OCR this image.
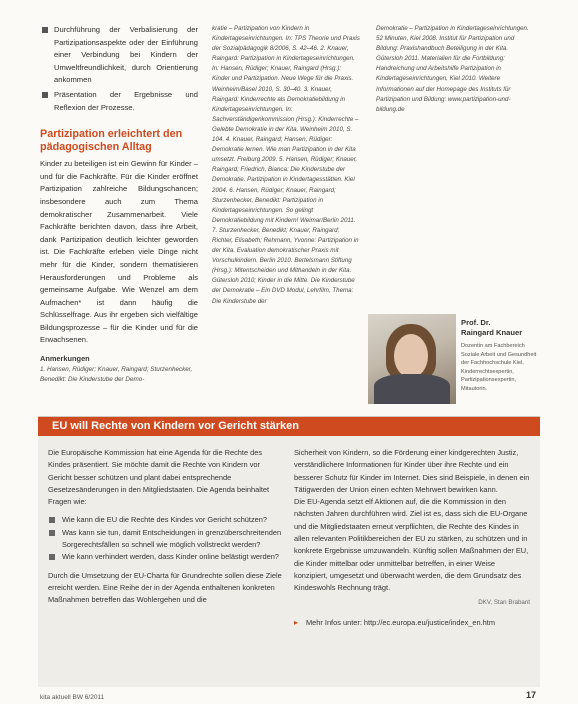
Durchführung der Verbalisierung der Partizipationsaspekte oder der Einführung einer Verbindung bei Kindern der Umweltfreundlichkeit, durch Orientierung ankommen
Präsentation der Ergebnisse und Reflexion der Prozesse.
Partizipation erleichtert den pädagogischen Alltag
Kinder zu beteiligen ist ein Gewinn für Kinder – und für die Fachkräfte. Für die Kinder eröffnet Partizipation zahlreiche Bildungschancen; insbesondere auch zum Thema demokratischer Zusammenarbeit. Viele Fachkräfte berichten davon, dass ihre Arbeit, dank Partizipation deutlich leichter geworden ist. Die Fachkräfte erleben viele Dinge nicht mehr für die Kinder, sondern thematisieren Herausforderungen und Probleme als gemeinsame Aufgabe. Wie Wenzel am dem Aufmachen* ist dann häufig die Schlüsselfrage. Aus ihr ergeben sich vielfältige Bildungsprozesse – für die Kinder und für die Erwachsenen.
Anmerkungen
1. Hansen, Rüdiger; Knauer, Raingard; Sturzenhecker, Benedikt: Die Kinderstube der Demo-
kratie – Partizipation von Kindern in Kindertageseinrichtungen. In: TPS Theorie und Praxis der Sozialpädagogik 8/2006, S. 42–46. 2. Knauer, Raingard: Partizipation in Kindertageseinrichtungen. In: Hansen, Rüdiger; Knauer, Raingard (Hrsg.): Kinder und Partizipation. Neue Wege für die Praxis. Weinheim/Basel 2010, S. 30–40. 3. Knauer, Raingard: Kinderrechte als Demokratiebildung in Kindertageseinrichtungen. In: Sachverständigenkommission (Hrsg.): Kinderrechte – Gelebte Demokratie in der Kita. Weinheim 2010, S. 104. 4. Knauer, Raingard; Hansen, Rüdiger: Demokratie lernen. Wie man Partizipation in der Kita umsetzt. Freiburg 2009. 5. Hansen, Rüdiger; Knauer, Raingard; Friedrich, Bianca: Die Kinderstube der Demokratie. Partizipation in Kindertagesstätten. Kiel 2004. 6. Hansen, Rüdiger; Knauer, Raingard; Sturzenhecker, Benedikt: Partizipation in Kindertageseinrichtungen. So gelingt Demokratiebildung mit Kindern! Weimar/Berlin 2011. 7. Sturzenhecker, Benedikt; Knauer, Raingard; Richter, Elisabeth; Rehmann, Yvonne: Partizipation in der Kita. Evaluation demokratischer Praxis mit Vorschulkindern. Berlin 2010. Bertelsmann Stiftung (Hrsg.): Mitentscheiden und Mithandeln in der Kita. Gütersloh 2010; Kinder in die Mitte. Die Kinderstube der Demokratie – Ein DVD Modul, Lehrfilm, Thema: Die Kinderstube der
Demokratie – Partizipation in Kindertageseinrichtungen. 52 Minuten, Kiel 2008. Institut für Partizipation und Bildung: Praxishandbuch Beteiligung in der Kita. Gütersloh 2011. Materialien für die Fortbildung: Handreichung und Arbeitshilfe Partizipation in Kindertageseinrichtungen, Kiel 2010. Weitere Informationen auf der Homepage des Instituts für Partizipation und Bildung: www.partizipation-und-bildung.de
Prof. Dr.
Raingard Knauer
Dozentin am Fachbereich Soziale Arbeit und Gesundheit der Fachhochschule Kiel, Kinderrechtsexpertin, Partizipationsexpertin, Mitautorin.
EU will Rechte von Kindern vor Gericht stärken
Die Europäische Kommission hat eine Agenda für die Rechte des Kindes präsentiert. Sie möchte damit die Rechte von Kindern vor Gericht besser schützen und plant dabei entsprechende Gesetzesänderungen in den Mitgliedstaaten. Die Agenda beinhaltet Fragen wie:
Wie kann die EU die Rechte des Kindes vor Gericht schützen?
Was kann sie tun, damit Entscheidungen in grenzüberschreitenden Sorgerechtsfällen so schnell wie möglich vollstreckt werden?
Wie kann verhindert werden, dass Kinder online belästigt werden?
Durch die Umsetzung der EU-Charta für Grundrechte sollen diese Ziele erreicht werden. Eine Reihe der in der Agenda enthaltenen konkreten Maßnahmen betreffen das Wohlergehen und die
Sicherheit von Kindern, so die Förderung einer kindgerechten Justiz, verständlichere Informationen für Kinder über ihre Rechte und ein besserer Schutz für Kinder im Internet. Dies sind Beispiele, in denen ein Tätigwerden der Union einen echten Mehrwert bewirken kann.
Die EU-Agenda setzt elf Aktionen auf, die die Kommission in den nächsten Jahren durchführen wird. Ziel ist es, dass sich die EU-Organe und die Mitgliedstaaten erneut verpflichten, die Rechte des Kindes in allen relevanten Politikbereichen der EU zu stärken, zu schützen und in konkrete Ergebnisse umzuwandeln. Künftig sollen Maßnahmen der EU, die Kinder mittelbar oder unmittelbar betreffen, in einer Weise konzipiert, umgesetzt und überwacht werden, die dem Grundsatz des Kindeswohls Rechnung trägt.
DKV, Stan Brabant
▸ Mehr Infos unter: http://ec.europa.eu/justice/index_en.htm
kita aktuell BW 6/2011	17
